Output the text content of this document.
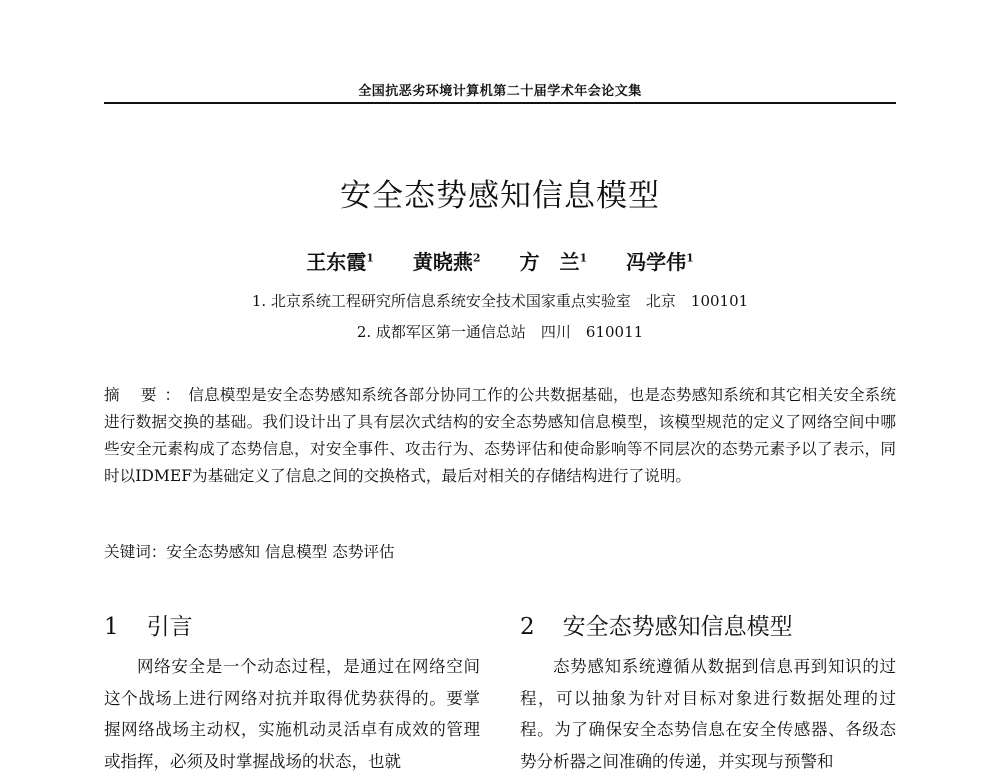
全国抗恶劣环境计算机第二十届学术年会论文集
安全态势感知信息模型
王东霞$^1$ 黄晓燕$^2$ 方　兰$^1$ 冯学伟$^1$
1. 北京系统工程研究所信息系统安全技术国家重点实验室　北京　100101
2. 成都军区第一通信总站　四川　610011
摘 要：信息模型是安全态势感知系统各部分协同工作的公共数据基础，也是态势感知系统和其它相关安全系统进行数据交换的基础。我们设计出了具有层次式结构的安全态势感知信息模型，该模型规范的定义了网络空间中哪些安全元素构成了态势信息，对安全事件、攻击行为、态势评估和使命影响等不同层次的态势元素予以了表示，同时以IDMEF为基础定义了信息之间的交换格式，最后对相关的存储结构进行了说明。
关键词：安全态势感知 信息模型 态势评估
1 引言	2 安全态势感知信息模型
网络安全是一个动态过程，是通过在网络空间这个战场上进行网络对抗并取得优势获得的。要掌握网络战场主动权，实施机动灵活卓有成效的管理或指挥，必须及时掌握战场的状态，也就
态势感知系统遵循从数据到信息再到知识的过程，可以抽象为针对目标对象进行数据处理的过程。为了确保安全态势信息在安全传感器、各级态势分析器之间准确的传递，并实现与预警和
